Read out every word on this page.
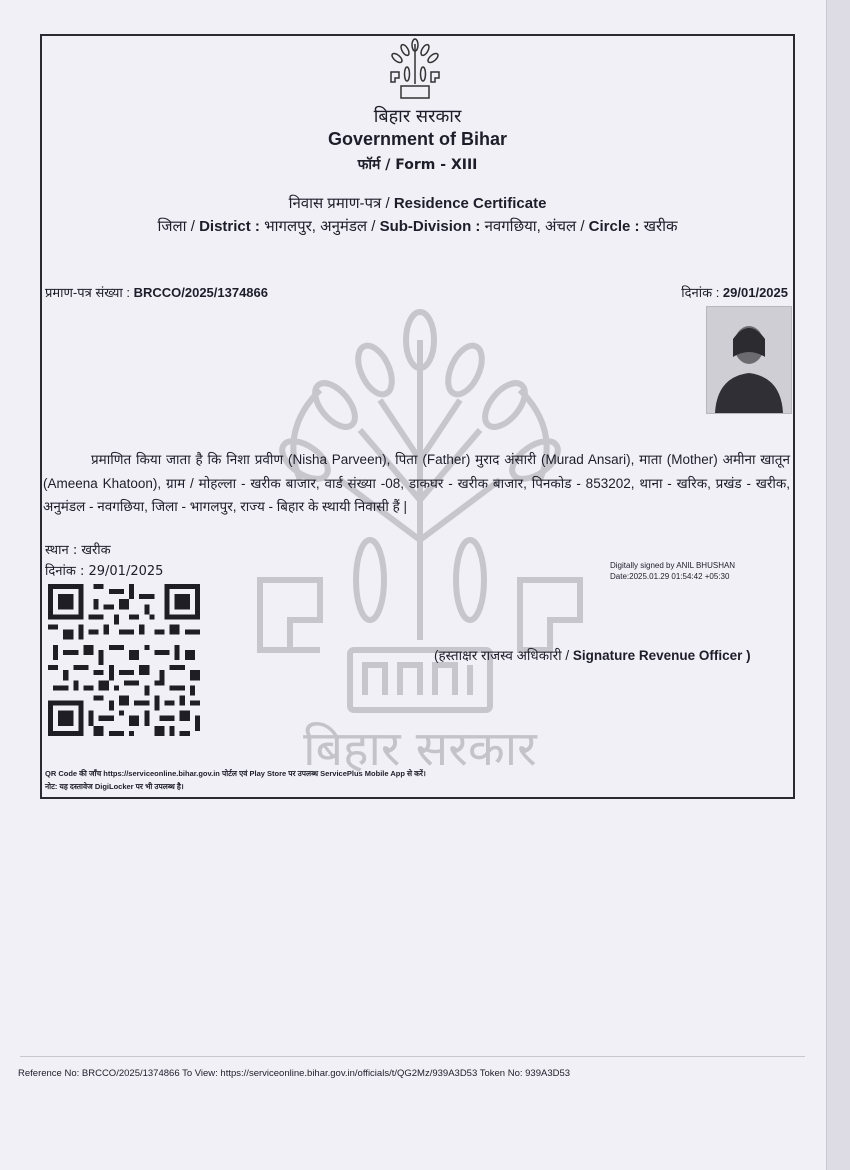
बिहार सरकार
बिहार सरकार
Government of Bihar
फॉर्म / Form - XIII
निवास प्रमाण-पत्र / Residence Certificate
जिला / District : भागलपुर, अनुमंडल / Sub-Division : नवगछिया, अंचल / Circle : खरीक
प्रमाण-पत्र संख्या : BRCCO/2025/1374866	दिनांक : 29/01/2025
प्रमाणित किया जाता है कि निशा प्रवीण (Nisha Parveen), पिता (Father) मुराद अंसारी (Murad Ansari), माता (Mother) अमीना खातून (Ameena Khatoon), ग्राम / मोहल्ला - खरीक बाजार, वार्ड संख्या -08, डाकघर - खरीक बाजार, पिनकोड - 853202, थाना - खरिक, प्रखंड - खरीक, अनुमंडल - नवगछिया, जिला - भागलपुर, राज्य - बिहार के स्थायी निवासी हैं |
स्थान : खरीक
दिनांक : 29/01/2025	Digitally signed by ANIL BHUSHAN
Date:2025.01.29 01:54:42 +05:30
(हस्ताक्षर राजस्व अधिकारी / Signature Revenue Officer )
QR Code की जाँच https://serviceonline.bihar.gov.in पोर्टल एवं Play Store पर उपलब्ध ServicePlus Mobile App से करें।
नोट: यह दस्तावेज DigiLocker पर भी उपलब्ध है।
Reference No: BRCCO/2025/1374866 To View: https://serviceonline.bihar.gov.in/officials/t/QG2Mz/939A3D53 Token No: 939A3D53
